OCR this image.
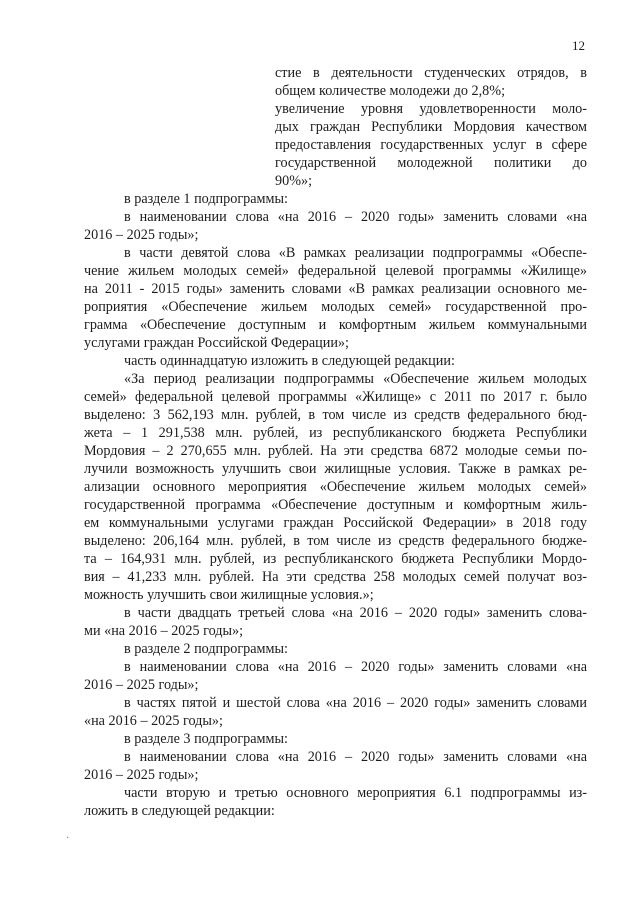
12
стие в деятельности студенческих отрядов, в
общем количестве молодежи до 2,8%;
увеличение уровня удовлетворенности моло-
дых граждан Республики Мордовия качеством
предоставления государственных услуг в сфере
государственной молодежной политики до
90%»;
в разделе 1 подпрограммы:
в наименовании слова «на 2016 – 2020 годы» заменить словами «на
2016 – 2025 годы»;
в части девятой слова «В рамках реализации подпрограммы «Обеспе-
чение жильем молодых семей» федеральной целевой программы «Жилище»
на 2011 - 2015 годы» заменить словами «В рамках реализации основного ме-
роприятия «Обеспечение жильем молодых семей» государственной про-
грамма «Обеспечение доступным и комфортным жильем коммунальными
услугами граждан Российской Федерации»;
часть одиннадцатую изложить в следующей редакции:
«За период реализации подпрограммы «Обеспечение жильем молодых
семей» федеральной целевой программы «Жилище» с 2011 по 2017 г. было
выделено: 3 562,193 млн. рублей, в том числе из средств федерального бюд-
жета – 1 291,538 млн. рублей, из республиканского бюджета Республики
Мордовия – 2 270,655 млн. рублей. На эти средства 6872 молодые семьи по-
лучили возможность улучшить свои жилищные условия. Также в рамках ре-
ализации основного мероприятия «Обеспечение жильем молодых семей»
государственной программа «Обеспечение доступным и комфортным жиль-
ем коммунальными услугами граждан Российской Федерации» в 2018 году
выделено: 206,164 млн. рублей, в том числе из средств федерального бюдже-
та – 164,931 млн. рублей, из республиканского бюджета Республики Мордо-
вия – 41,233 млн. рублей. На эти средства 258 молодых семей получат воз-
можность улучшить свои жилищные условия.»;
в части двадцать третьей слова «на 2016 – 2020 годы» заменить слова-
ми «на 2016 – 2025 годы»;
в разделе 2 подпрограммы:
в наименовании слова «на 2016 – 2020 годы» заменить словами «на
2016 – 2025 годы»;
в частях пятой и шестой слова «на 2016 – 2020 годы» заменить словами
«на 2016 – 2025 годы»;
в разделе 3 подпрограммы:
в наименовании слова «на 2016 – 2020 годы» заменить словами «на
2016 – 2025 годы»;
части вторую и третью основного мероприятия 6.1 подпрограммы из-
ложить в следующей редакции:
·
